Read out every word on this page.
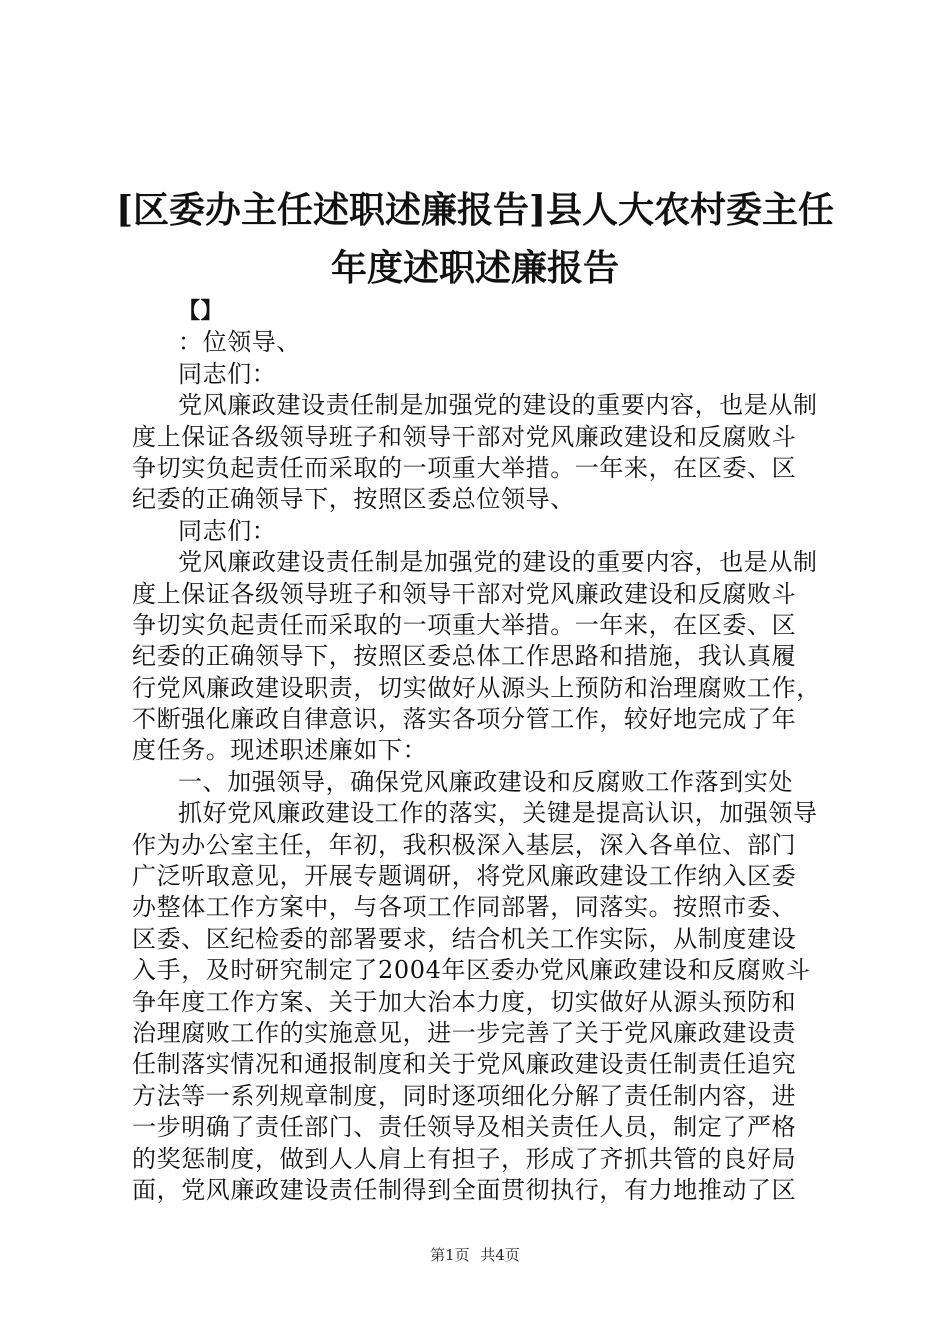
[区委办主任述职述廉报告]县人大农村委主任
年度述职述廉报告
【】
：位领导、
同志们：
党风廉政建设责任制是加强党的建设的重要内容，也是从制
度上保证各级领导班子和领导干部对党风廉政建设和反腐败斗
争切实负起责任而采取的一项重大举措。一年来，在区委、区
纪委的正确领导下，按照区委总位领导、
同志们：
党风廉政建设责任制是加强党的建设的重要内容，也是从制
度上保证各级领导班子和领导干部对党风廉政建设和反腐败斗
争切实负起责任而采取的一项重大举措。一年来，在区委、区
纪委的正确领导下，按照区委总体工作思路和措施，我认真履
行党风廉政建设职责，切实做好从源头上预防和治理腐败工作，
不断强化廉政自律意识，落实各项分管工作，较好地完成了年
度任务。现述职述廉如下：
一、加强领导，确保党风廉政建设和反腐败工作落到实处
抓好党风廉政建设工作的落实，关键是提高认识，加强领导
作为办公室主任，年初，我积极深入基层，深入各单位、部门
广泛听取意见，开展专题调研，将党风廉政建设工作纳入区委
办整体工作方案中，与各项工作同部署，同落实。按照市委、
区委、区纪检委的部署要求，结合机关工作实际，从制度建设
入手，及时研究制定了2004年区委办党风廉政建设和反腐败斗
争年度工作方案、关于加大治本力度，切实做好从源头预防和
治理腐败工作的实施意见，进一步完善了关于党风廉政建设责
任制落实情况和通报制度和关于党风廉政建设责任制责任追究
方法等一系列规章制度，同时逐项细化分解了责任制内容，进
一步明确了责任部门、责任领导及相关责任人员，制定了严格
的奖惩制度，做到人人肩上有担子，形成了齐抓共管的良好局
面，党风廉政建设责任制得到全面贯彻执行，有力地推动了区
第1页 共4页
